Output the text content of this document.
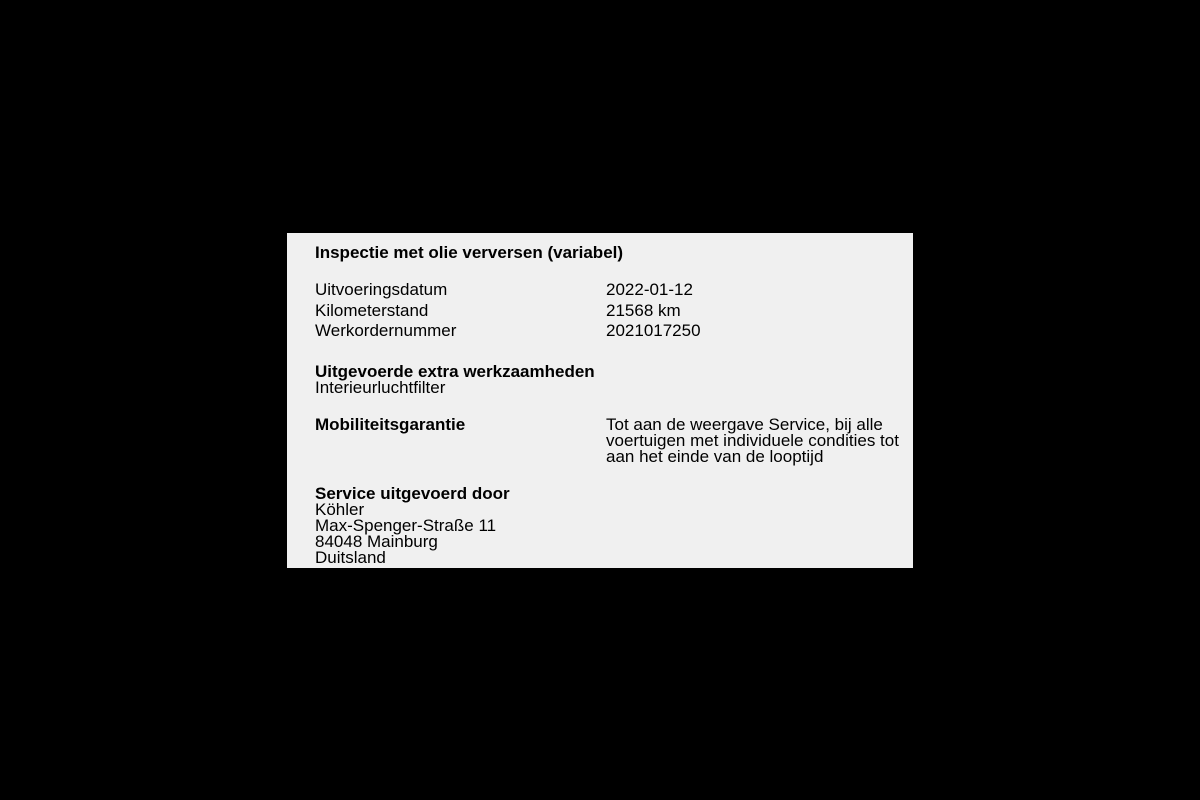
Inspectie met olie verversen (variabel)
Uitvoeringsdatum	2022-01-12
Kilometerstand	21568 km
Werkordernummer	2021017250
Uitgevoerde extra werkzaamheden
Interieurluchtfilter
Mobiliteitsgarantie	Tot aan de weergave Service, bij alle voertuigen met individuele condities tot aan het einde van de looptijd
Service uitgevoerd door
Köhler
Max-Spenger-Straße 11
84048 Mainburg
Duitsland
